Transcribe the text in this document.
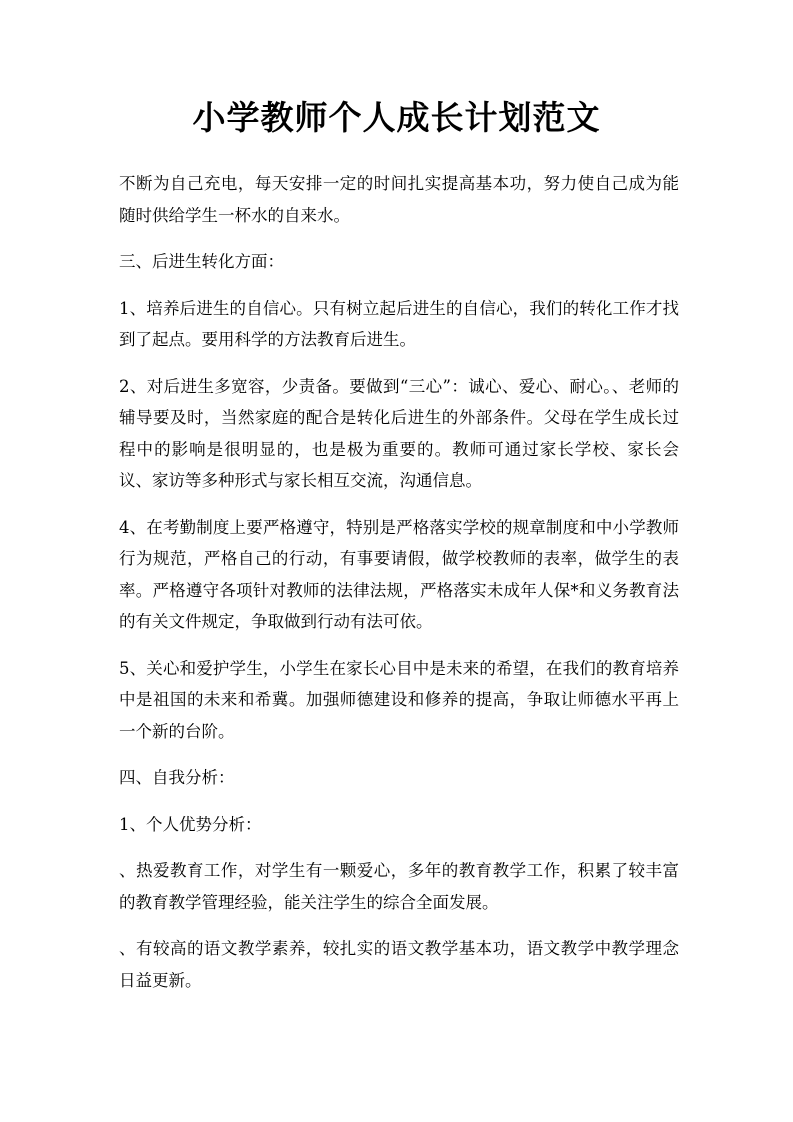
小学教师个人成长计划范文

不断为自己充电，每天安排一定的时间扎实提高基本功，努力使自己成为能随时供给学生一杯水的自来水。

三、后进生转化方面：

1、培养后进生的自信心。只有树立起后进生的自信心，我们的转化工作才找到了起点。要用科学的方法教育后进生。

2、对后进生多宽容，少责备。要做到“三心”：诚心、爱心、耐心。、老师的辅导要及时，当然家庭的配合是转化后进生的外部条件。父母在学生成长过程中的影响是很明显的，也是极为重要的。教师可通过家长学校、家长会议、家访等多种形式与家长相互交流，沟通信息。

4、在考勤制度上要严格遵守，特别是严格落实学校的规章制度和中小学教师行为规范，严格自己的行动，有事要请假，做学校教师的表率，做学生的表率。严格遵守各项针对教师的法律法规，严格落实未成年人保*和义务教育法的有关文件规定，争取做到行动有法可依。

5、关心和爱护学生，小学生在家长心目中是未来的希望，在我们的教育培养中是祖国的未来和希冀。加强师德建设和修养的提高，争取让师德水平再上一个新的台阶。

四、自我分析：

1、个人优势分析：

、热爱教育工作，对学生有一颗爱心，多年的教育教学工作，积累了较丰富的教育教学管理经验，能关注学生的综合全面发展。

、有较高的语文教学素养，较扎实的语文教学基本功，语文教学中教学理念日益更新。
